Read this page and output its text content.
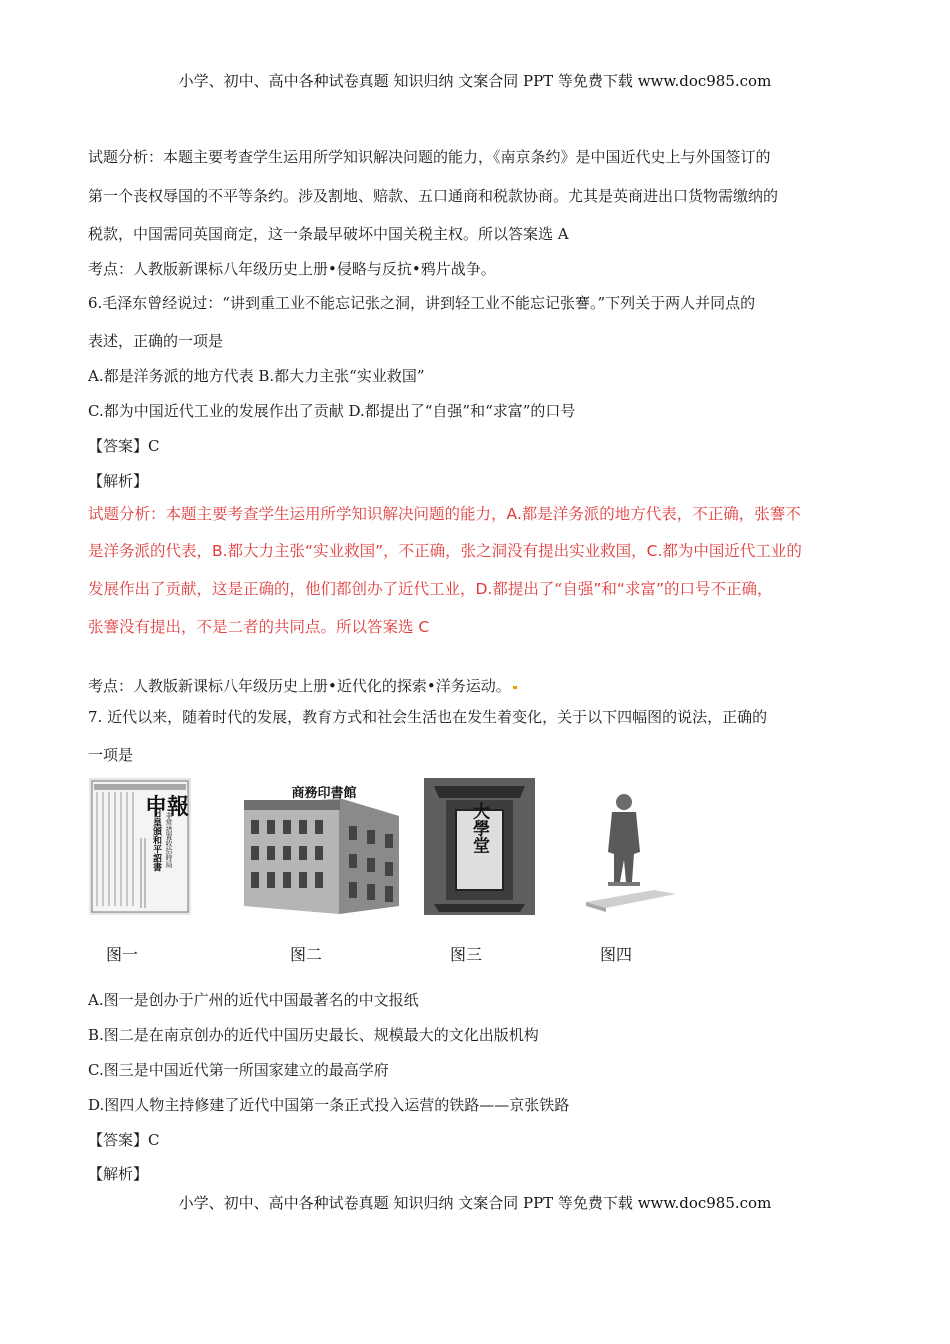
小学、初中、高中各种试卷真题 知识归纳 文案合同 PPT 等免费下载 www.doc985.com
试题分析：本题主要考查学生运用所学知识解决问题的能力，《南京条约》是中国近代史上与外国签订的
第一个丧权辱国的不平等条约。涉及割地、赔款、五口通商和税款协商。尤其是英商进出口货物需缴纳的
税款，中国需同英国商定，这一条最早破坏中国关税主权。所以答案选 A
考点：人教版新课标八年级历史上册•侵略与反抗•鸦片战争。
6.毛泽东曾经说过：“讲到重工业不能忘记张之洞，讲到轻工业不能忘记张謇。”下列关于两人并同点的
表述，正确的一项是
A.都是洋务派的地方代表 B.都大力主张“实业救国”
C.都为中国近代工业的发展作出了贡献 D.都提出了“自强”和“求富”的口号
【答案】C
【解析】
试题分析：本题主要考查学生运用所学知识解决问题的能力，A.都是洋务派的地方代表，不正确，张謇不
是洋务派的代表，B.都大力主张“实业救国”，不正确，张之洞没有提出实业救国，C.都为中国近代工业的
发展作出了贡献，这是正确的，他们都创办了近代工业，D.都提出了“自强”和“求富”的口号不正确，
张謇没有提出，不是二者的共同点。所以答案选 C
考点：人教版新课标八年级历史上册•近代化的探索•洋务运动。
7. 近代以来，随着时代的发展，教育方式和社会生活也在发生着变化，关于以下四幅图的说法，正确的
一项是
申報
非常措置收拾時局
日皇頒和平詔書
商務印書館
大學堂
图一	图二	图三	图四
A.图一是创办于广州的近代中国最著名的中文报纸
B.图二是在南京创办的近代中国历史最长、规模最大的文化出版机构
C.图三是中国近代第一所国家建立的最高学府
D.图四人物主持修建了近代中国第一条正式投入运营的铁路——京张铁路
【答案】C
【解析】
小学、初中、高中各种试卷真题 知识归纳 文案合同 PPT 等免费下载 www.doc985.com
